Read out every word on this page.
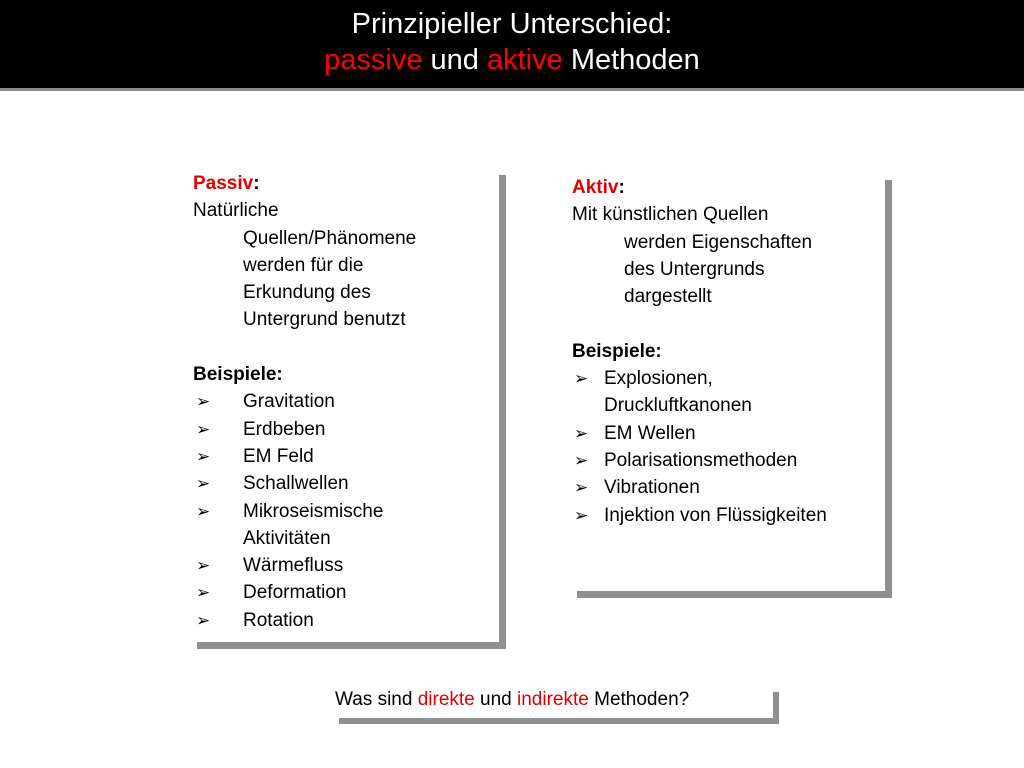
Prinzipieller Unterschied:
passive und aktive Methoden

Passiv:

Natürliche
Quellen/Phänomene
werden für die
Erkundung des
Untergrund benutzt

Beispiele:

➢ Gravitation
➢ Erdbeben
➢ EM Feld
➢ Schallwellen
➢ Mikroseismische
Aktivitäten
➢ Wärmefluss
➢ Deformation
➢ Rotation

Aktiv:

Mit künstlichen Quellen
werden Eigenschaften
des Untergrunds
dargestellt

Beispiele:

➢ Explosionen,
Druckluftkanonen
➢ EM Wellen
➢ Polarisationsmethoden
➢ Vibrationen
➢ Injektion von Flüssigkeiten
Was sind direkte und indirekte Methoden?
